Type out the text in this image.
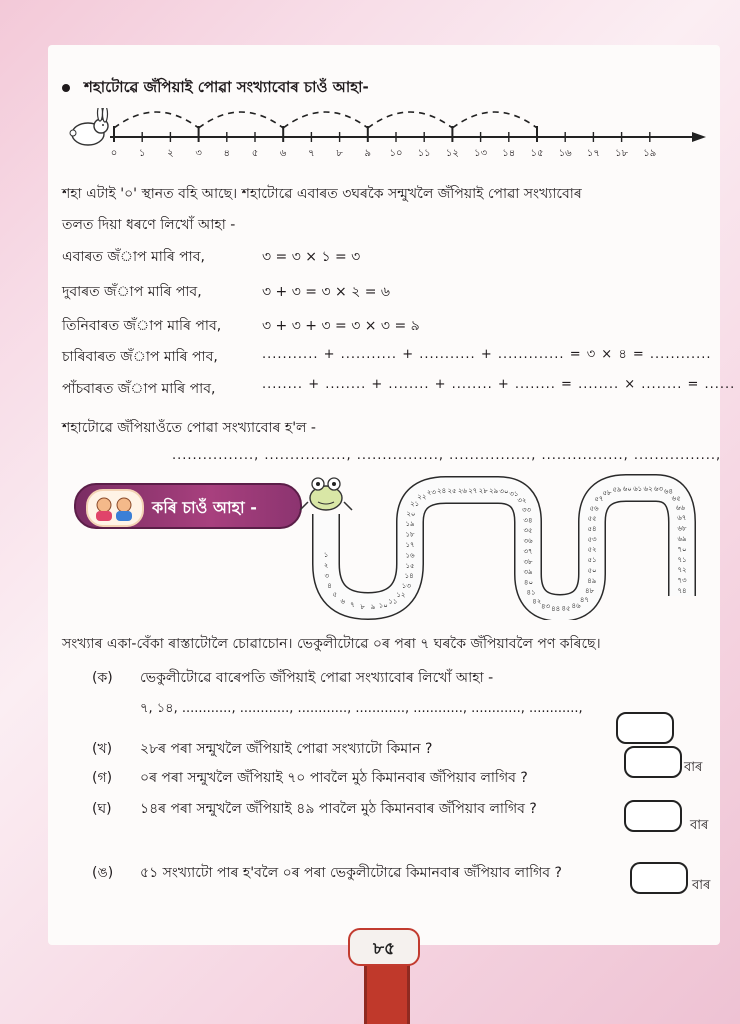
শহাটোৱে জঁপিয়াই পোৱা সংখ্যাবোৰ চাওঁ আহা-
০	১	২	৩	৪	৫	৬	৭	৮	৯	১০	১১	১২	১৩	১৪	১৫	১৬	১৭	১৮	১৯
শহা এটাই '০' স্থানত বহি আছে। শহাটোৱে এবাৰত ৩ঘৰকৈ সন্মুখলৈ জঁপিয়াই পোৱা সংখ্যাবোৰ
তলত দিয়া ধৰণে লিখোঁ আহা -
এবাৰত জঁাপ মাৰি পাব,	৩ = ৩ × ১ = ৩
দুবাৰত জঁাপ মাৰি পাব,	৩ + ৩ = ৩ × ২ = ৬
তিনিবাৰত জঁাপ মাৰি পাব,	৩ + ৩ + ৩ = ৩ × ৩ = ৯
চাৰিবাৰত জঁাপ মাৰি পাব,	........... + ........... + ........... + ............. = ৩ × ৪ = ............
পাঁচবাৰত জঁাপ মাৰি পাব,	........ + ........ + ........ + ........ + ........ = ........ × ........ = ......
শহাটোৱে জঁপিয়াওঁতে পোৱা সংখ্যাবোৰ হ'ল -
................, ................, ................, ................, ................, ................,
কৰি চাওঁ আহা -
১
২
৩
৪
৫
৬ ৭ ৮ ৯ ১০ ১১
১২
১৩
১৪
১৫
১৬
১৭
১৮
১৯
২০
২১
২২
২৩ ২৪ ২৫ ২৬ ২৭ ২৮ ২৯ ৩০ ৩১
৩২
৩৩
৩৪
৩৫
৩৬
৩৭
৩৮
৩৯
৪০
৪১
৪২
৪৩ ৪৪ ৪৫ ৪৬
৪৭
৪৮
৪৯
৫০
৫১
৫২
৫৩
৫৪
৫৫
৫৬
৫৭
৫৮ ৫৯ ৬০ ৬১ ৬২ ৬৩ ৬৪
৬৫
৬৬
৬৭
৬৮
৬৯
৭০
৭১
৭২
৭৩
৭৪
সংখ্যাৰ একা-বেঁকা ৰাস্তাটোলৈ চোৱাচোন। ভেকুলীটোৱে ০ৰ পৰা ৭ ঘৰকৈ জঁপিয়াবলৈ পণ কৰিছে।
(ক) ভেকুলীটোৱে বাৰেপতি জঁপিয়াই পোৱা সংখ্যাবোৰ লিখোঁ আহা -
৭, ১৪, ............, ............, ............, ............, ............, ............, ............,
(খ) ২৮ৰ পৰা সন্মুখলৈ জঁপিয়াই পোৱা সংখ্যাটো কিমান ?
(গ) ০ৰ পৰা সন্মুখলৈ জঁপিয়াই ৭০ পাবলৈ মুঠ কিমানবাৰ জঁপিয়াব লাগিব ?
বাৰ
(ঘ) ১৪ৰ পৰা সন্মুখলৈ জঁপিয়াই ৪৯ পাবলৈ মুঠ কিমানবাৰ জঁপিয়াব লাগিব ?
বাৰ
(ঙ) ৫১ সংখ্যাটো পাৰ হ'বলৈ ০ৰ পৰা ভেকুলীটোৱে কিমানবাৰ জঁপিয়াব লাগিব ?
বাৰ
৮৫
